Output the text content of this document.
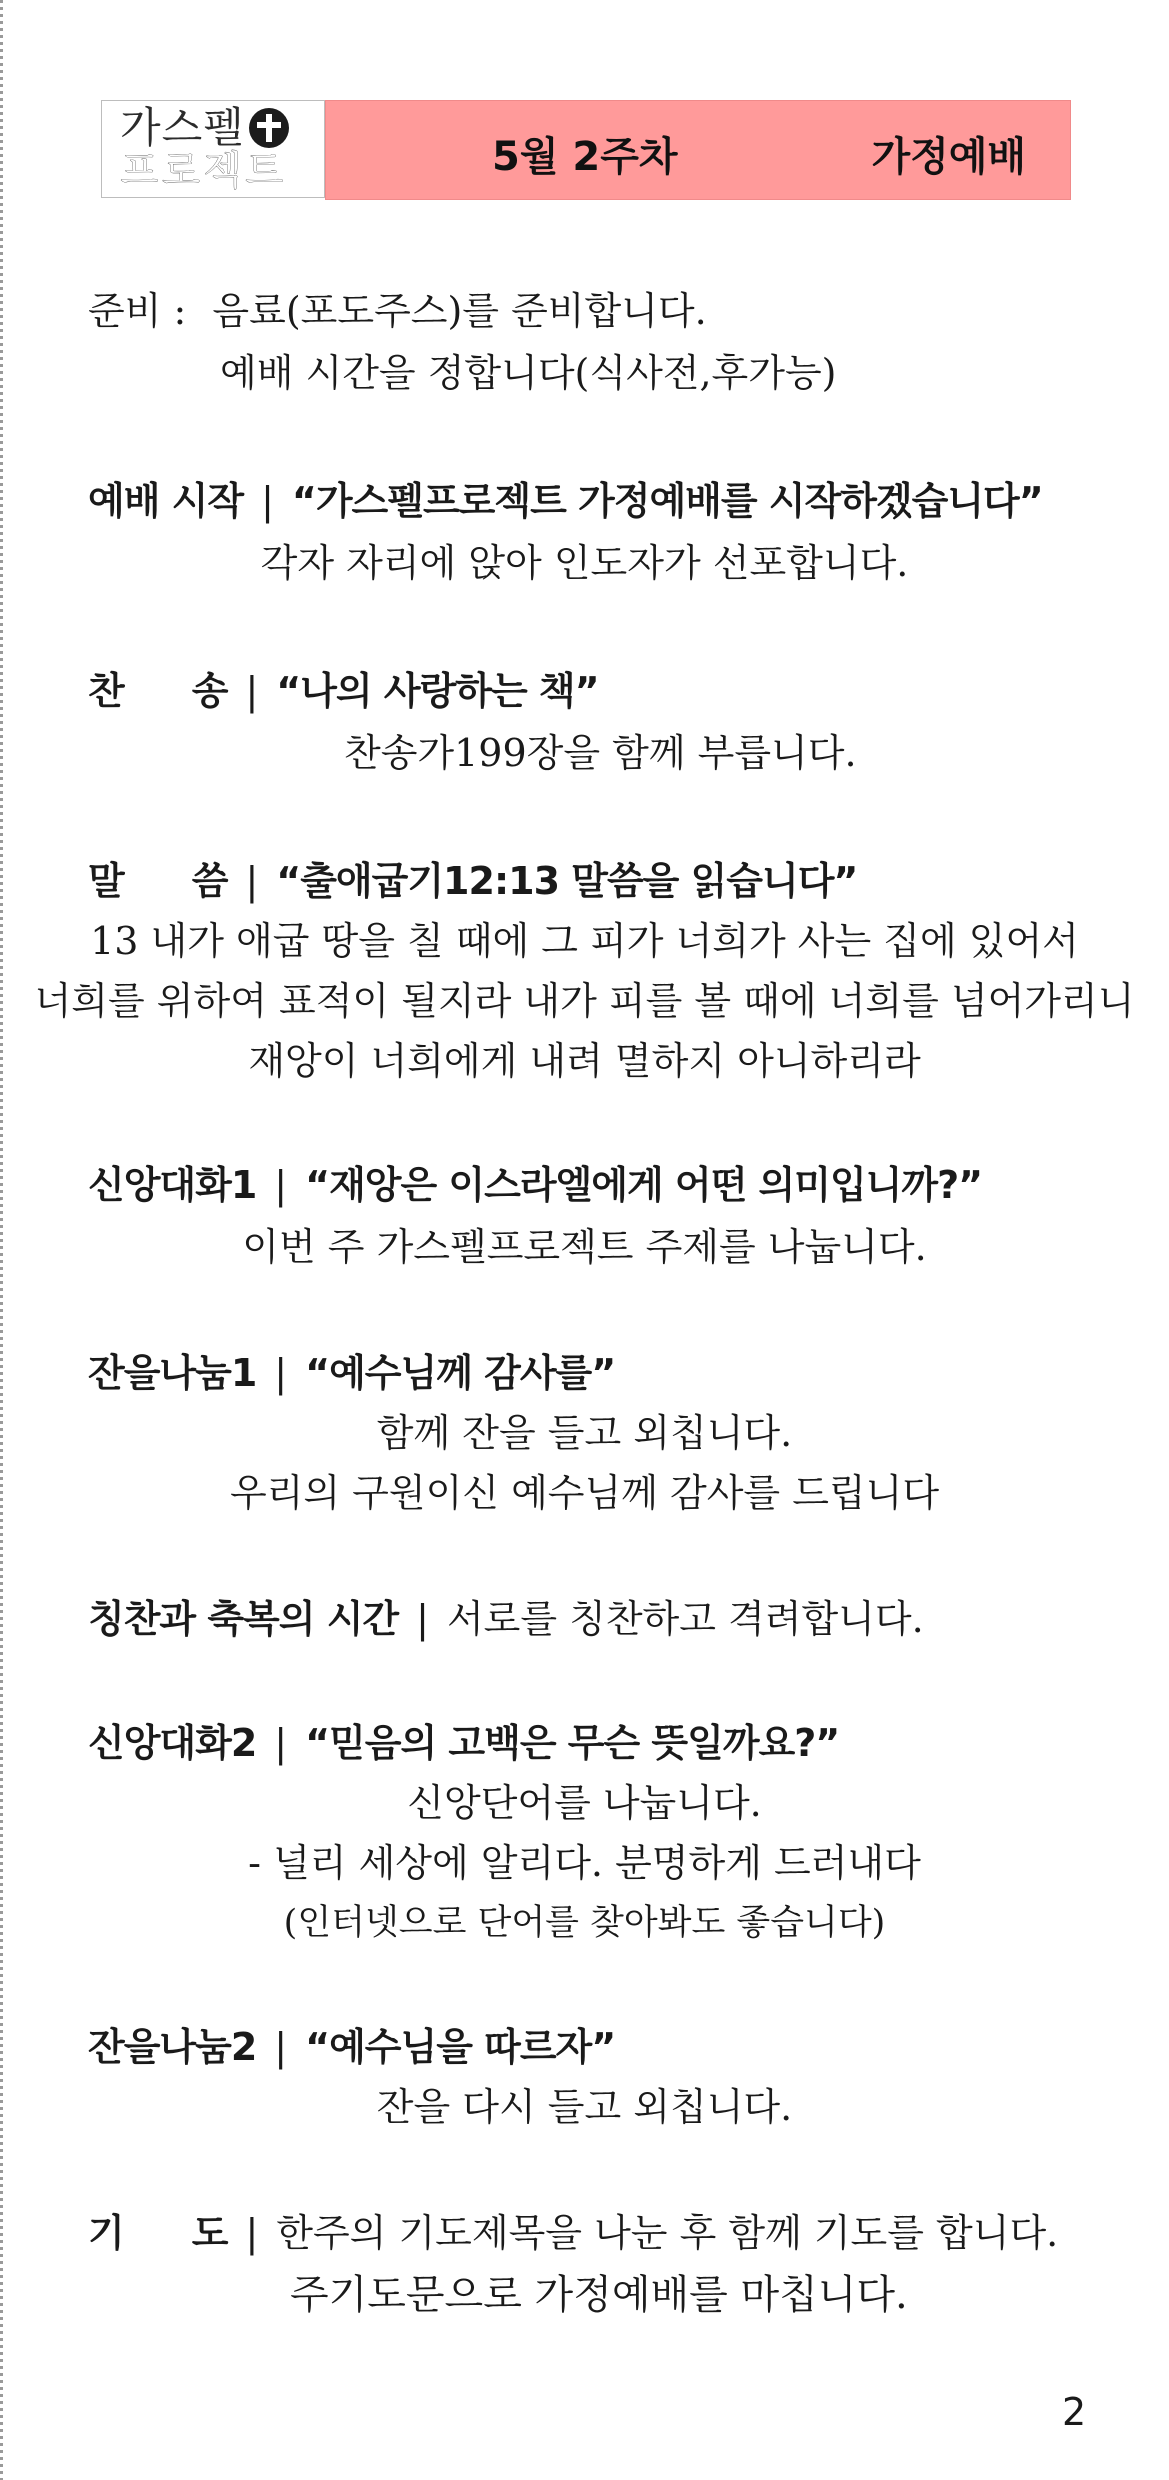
가스펠
프로젝트	5월 2주차	가정예배
준비 : 음료(포도주스)를 준비합니다.
예배 시간을 정합니다(식사전,후가능)
예배 시작 | “가스펠프로젝트 가정예배를 시작하겠습니다”
각자 자리에 앉아 인도자가 선포합니다.
찬 송 | “나의 사랑하는 책”
찬송가199장을 함께 부릅니다.
말 씀 | “출애굽기12:13 말씀을 읽습니다”
13 내가 애굽 땅을 칠 때에 그 피가 너희가 사는 집에 있어서
너희를 위하여 표적이 될지라 내가 피를 볼 때에 너희를 넘어가리니
재앙이 너희에게 내려 멸하지 아니하리라
신앙대화1 | “재앙은 이스라엘에게 어떤 의미입니까?”
이번 주 가스펠프로젝트 주제를 나눕니다.
잔을나눔1 | “예수님께 감사를”
함께 잔을 들고 외칩니다.
우리의 구원이신 예수님께 감사를 드립니다
칭찬과 축복의 시간 | 서로를 칭찬하고 격려합니다.
신앙대화2 | “믿음의 고백은 무슨 뜻일까요?”
신앙단어를 나눕니다.
- 널리 세상에 알리다. 분명하게 드러내다
(인터넷으로 단어를 찾아봐도 좋습니다)
잔을나눔2 | “예수님을 따르자”
잔을 다시 들고 외칩니다.
기 도 | 한주의 기도제목을 나눈 후 함께 기도를 합니다.
주기도문으로 가정예배를 마칩니다.
2
